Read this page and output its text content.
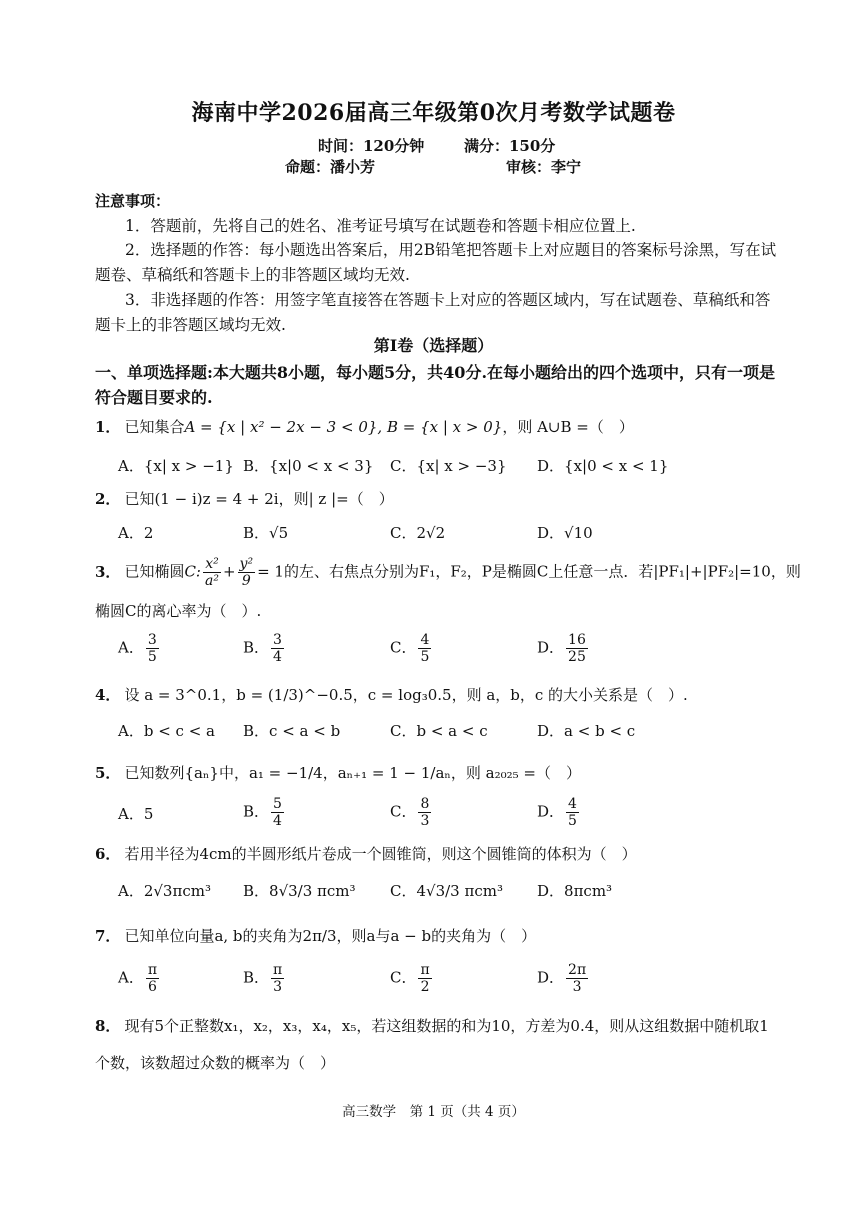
海南中学2026届高三年级第0次月考数学试题卷
时间：120分钟	满分：150分
命题：潘小芳	审核：李宁
注意事项：
1．答题前，先将自己的姓名、准考证号填写在试题卷和答题卡相应位置上.
2．选择题的作答：每小题选出答案后，用2B铅笔把答题卡上对应题目的答案标号涂黑，写在试题卷、草稿纸和答题卡上的非答题区域均无效.
3．非选择题的作答：用签字笔直接答在答题卡上对应的答题区域内，写在试题卷、草稿纸和答题卡上的非答题区域均无效.
第Ⅰ卷（选择题）
一、单项选择题:本大题共8小题，每小题5分，共40分.在每小题给出的四个选项中，只有一项是符合题目要求的.
1． 已知集合A = {x | x² − 2x − 3 < 0}, B = {x | x > 0}，则 A∪B =（　）
A．{x| x > −1} B．{x|0 < x < 3} C．{x| x > −3} D．{x|0 < x < 1}
2． 已知(1 − i)z = 4 + 2i，则| z |=（　）
A．2	B．√5	C．2√2	D．√10
3． 已知椭圆C: $\frac{\text{x²}}{\text{a²}} + \frac{\text{y²}}{9} = 1$的左、右焦点分别为F₁，F₂，P是椭圆C上任意一点．若|PF₁|+|PF₂|=10，则
椭圆C的离心率为（　）.
A． $\frac{3}{5}$	B． $\frac{3}{4}$	C． $\frac{4}{5}$	D． $\frac{16}{25}$
4． 设 a = 3^0.1，b = (1/3)^−0.5，c = log₃0.5，则 a，b，c 的大小关系是（　）.
A．b < c < a B．c < a < b	C．b < a < c	D．a < b < c
5． 已知数列{aₙ}中，a₁ = −1/4，aₙ₊₁ = 1 − 1/aₙ，则 a₂₀₂₅ =（　）
A．5	B． $\frac{5}{4}$	C． $\frac{8}{3}$	D． $\frac{4}{5}$
6． 若用半径为4cm的半圆形纸片卷成一个圆锥筒，则这个圆锥筒的体积为（　）
A．2√3πcm³ B．8√3/3 πcm³ C．4√3/3 πcm³ D．8πcm³
7． 已知单位向量a, b的夹角为2π/3，则a与a − b的夹角为（　）
A． $\frac{\pi}{6}$	B． $\frac{\pi}{3}$	C． $\frac{\pi}{2}$	D． $\frac{2\pi}{3}$
8． 现有5个正整数x₁，x₂，x₃，x₄，x₅，若这组数据的和为10，方差为0.4，则从这组数据中随机取1
个数，该数超过众数的概率为（　）
高三数学　第 1 页（共 4 页）
